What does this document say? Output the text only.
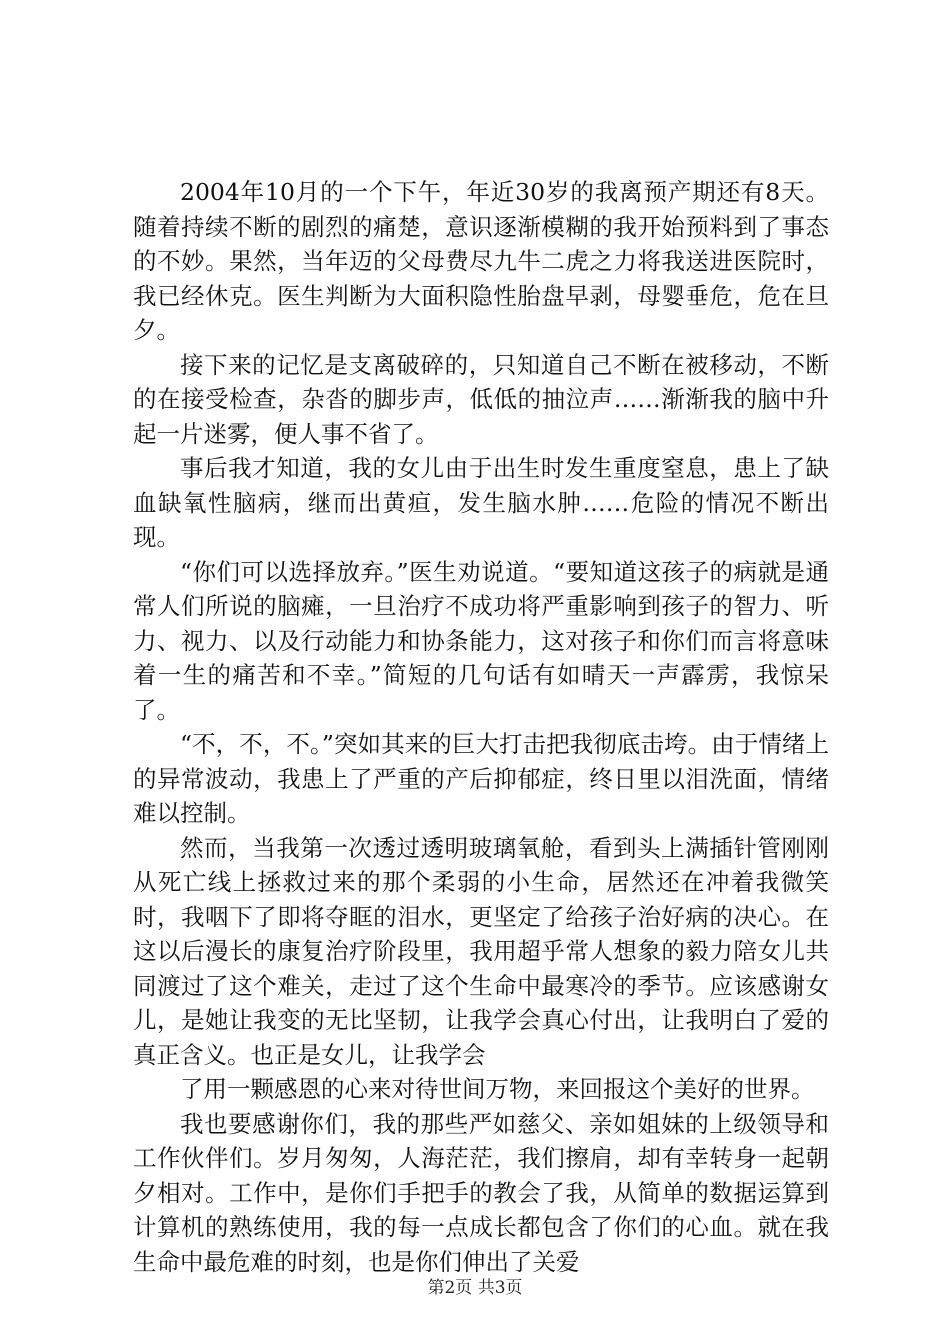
2004年10月的一个下午，年近30岁的我离预产期还有8天。随着持续不断的剧烈的痛楚，意识逐渐模糊的我开始预料到了事态的不妙。果然，当年迈的父母费尽九牛二虎之力将我送进医院时，我已经休克。医生判断为大面积隐性胎盘早剥，母婴垂危，危在旦夕。

接下来的记忆是支离破碎的，只知道自己不断在被移动，不断的在接受检查，杂沓的脚步声，低低的抽泣声……渐渐我的脑中升起一片迷雾，便人事不省了。

事后我才知道，我的女儿由于出生时发生重度窒息，患上了缺血缺氧性脑病，继而出黄疸，发生脑水肿……危险的情况不断出现。

“你们可以选择放弃。”医生劝说道。“要知道这孩子的病就是通常人们所说的脑瘫，一旦治疗不成功将严重影响到孩子的智力、听力、视力、以及行动能力和协条能力，这对孩子和你们而言将意味着一生的痛苦和不幸。”简短的几句话有如晴天一声霹雳，我惊呆了。

“不，不，不。”突如其来的巨大打击把我彻底击垮。由于情绪上的异常波动，我患上了严重的产后抑郁症，终日里以泪洗面，情绪难以控制。

然而，当我第一次透过透明玻璃氧舱，看到头上满插针管刚刚从死亡线上拯救过来的那个柔弱的小生命，居然还在冲着我微笑时，我咽下了即将夺眶的泪水，更坚定了给孩子治好病的决心。在这以后漫长的康复治疗阶段里，我用超乎常人想象的毅力陪女儿共同渡过了这个难关，走过了这个生命中最寒冷的季节。应该感谢女儿，是她让我变的无比坚韧，让我学会真心付出，让我明白了爱的真正含义。也正是女儿，让我学会

了用一颗感恩的心来对待世间万物，来回报这个美好的世界。

我也要感谢你们，我的那些严如慈父、亲如姐妹的上级领导和工作伙伴们。岁月匆匆，人海茫茫，我们擦肩，却有幸转身一起朝夕相对。工作中，是你们手把手的教会了我，从简单的数据运算到计算机的熟练使用，我的每一点成长都包含了你们的心血。就在我生命中最危难的时刻，也是你们伸出了关爱

第2页 共3页
